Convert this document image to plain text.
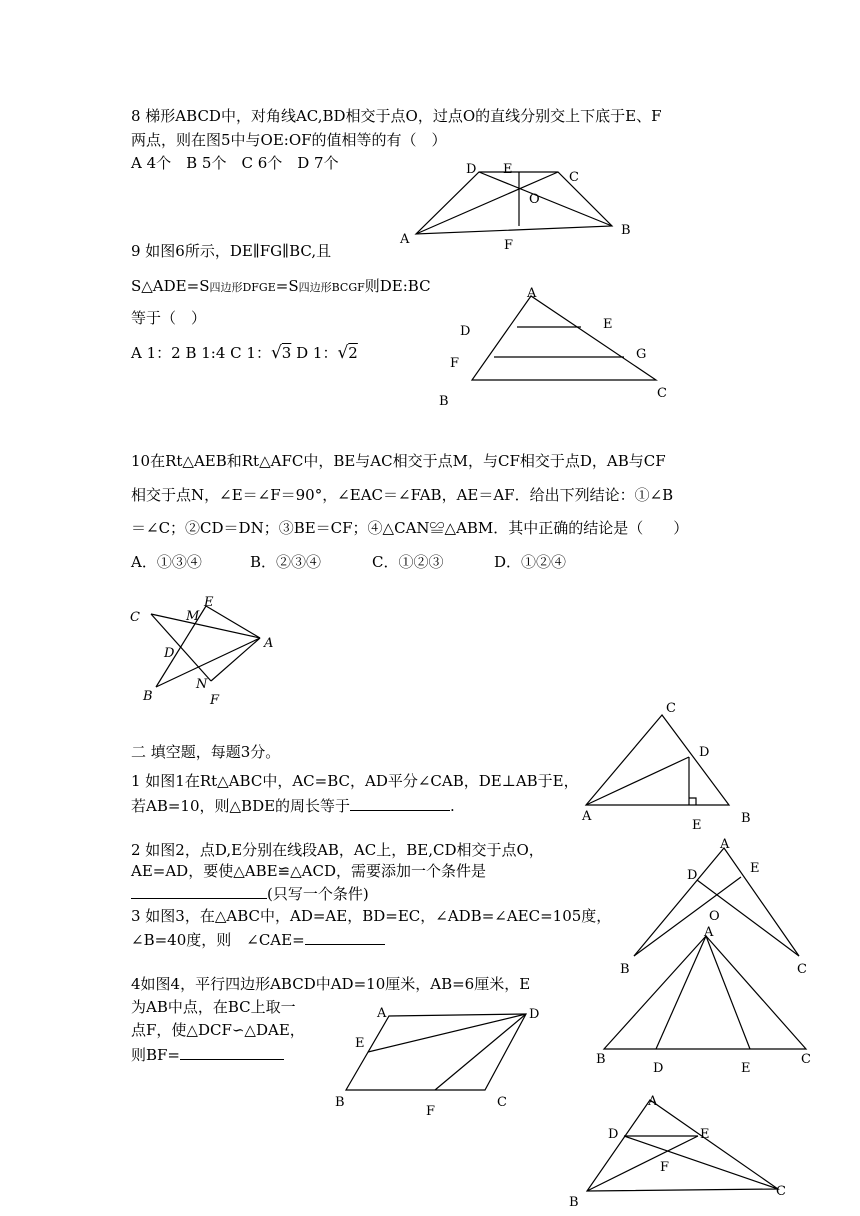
8 梯形ABCD中，对角线AC,BD相交于点O，过点O的直线分别交上下底于E、F
两点，则在图5中与OE:OF的值相等的有（　）
A 4个　B 5个　C 6个　D 7个	D E
C
O
A
B
F
9 如图6所示，DE∥FG∥BC,且
S△ADE=S四边形DFGE=S四边形BCGF则DE:BC
等于（　）
A 1：2 B 1:4 C 1：√3 D 1：√2
A
D	E
F
G
B
C
10在Rt△AEB和Rt△AFC中，BE与AC相交于点M，与CF相交于点D，AB与CF
相交于点N，∠E＝∠F＝90°，∠EAC＝∠FAB，AE＝AF．给出下列结论：①∠B
＝∠C；②CD＝DN；③BE＝CF；④△CAN≌△ABM．其中正确的结论是（　　）
A．①③④	B．②③④	C．①②③	D．①②④
C
E
M
A
D
B
N
F
二 填空题，每题3分。
1 如图1在Rt△ABC中，AC=BC，AD平分∠CAB，DE⊥AB于E，
若AB=10，则△BDE的周长等于	.
2 如图2，点D,E分别在线段AB，AC上，BE,CD相交于点O，
AE=AD，要使△ABE≌△ACD，需要添加一个条件是
(只写一个条件)
3 如图3，在△ABC中，AD=AE，BD=EC，∠ADB=∠AEC=105度，
∠B=40度，则　∠CAE=
4如图4，平行四边形ABCD中AD=10厘米，AB=6厘米，E
为AB中点，在BC上取一
点F，使△DCF∽△DAE，
则BF=
C
D
A
E	B
A
E
D
O
B	C
A
B
D	E
C
A	D
E
B
F
C	A
D	E
F
B
C
